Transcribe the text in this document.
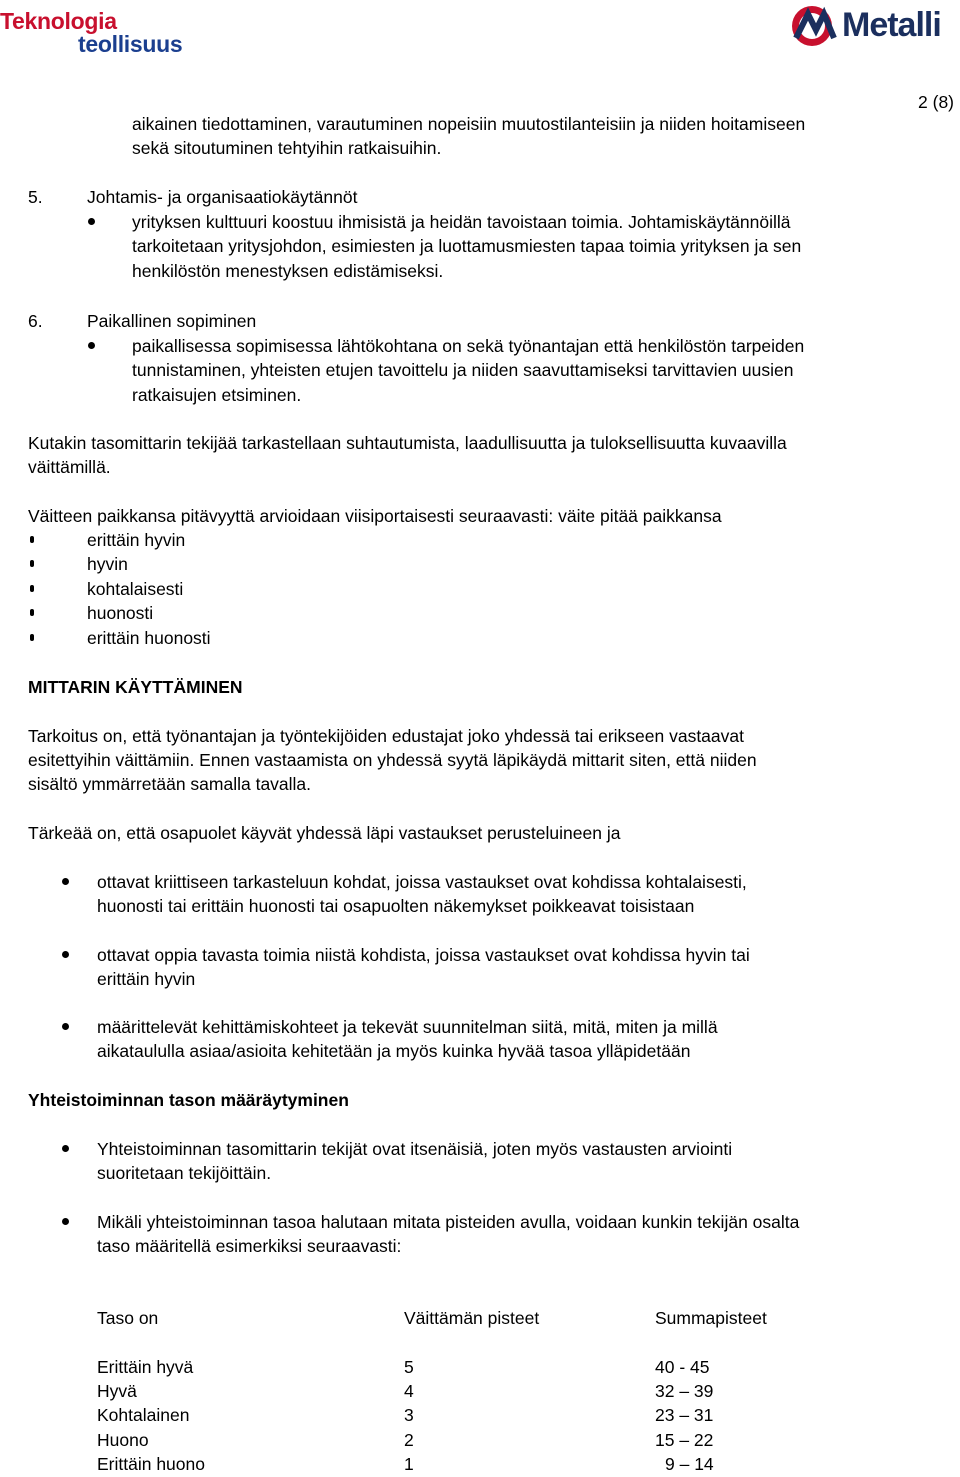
Teknologia
teollisuus	Metalli
2 (8)
aikainen tiedottaminen, varautuminen nopeisiin muutostilanteisiin ja niiden hoitamiseen
sekä sitoutuminen tehtyihin ratkaisuihin.
5.	Johtamis- ja organisaatiokäytännöt
yrityksen kulttuuri koostuu ihmisistä ja heidän tavoistaan toimia. Johtamiskäytännöillä
tarkoitetaan yritysjohdon, esimiesten ja luottamusmiesten tapaa toimia yrityksen ja sen
henkilöstön menestyksen edistämiseksi.
6.	Paikallinen sopiminen
paikallisessa sopimisessa lähtökohtana on sekä työnantajan että henkilöstön tarpeiden
tunnistaminen, yhteisten etujen tavoittelu ja niiden saavuttamiseksi tarvittavien uusien
ratkaisujen etsiminen.
Kutakin tasomittarin tekijää tarkastellaan suhtautumista, laadullisuutta ja tuloksellisuutta kuvaavilla
väittämillä.
Väitteen paikkansa pitävyyttä arvioidaan viisiportaisesti seuraavasti: väite pitää paikkansa
erittäin hyvin
hyvin
kohtalaisesti
huonosti
erittäin huonosti
MITTARIN KÄYTTÄMINEN
Tarkoitus on, että työnantajan ja työntekijöiden edustajat joko yhdessä tai erikseen vastaavat
esitettyihin väittämiin. Ennen vastaamista on yhdessä syytä läpikäydä mittarit siten, että niiden
sisältö ymmärretään samalla tavalla.
Tärkeää on, että osapuolet käyvät yhdessä läpi vastaukset perusteluineen ja
ottavat kriittiseen tarkasteluun kohdat, joissa vastaukset ovat kohdissa kohtalaisesti,
huonosti tai erittäin huonosti tai osapuolten näkemykset poikkeavat toisistaan
ottavat oppia tavasta toimia niistä kohdista, joissa vastaukset ovat kohdissa hyvin tai
erittäin hyvin
määrittelevät kehittämiskohteet ja tekevät suunnitelman siitä, mitä, miten ja millä
aikataululla asiaa/asioita kehitetään ja myös kuinka hyvää tasoa ylläpidetään
Yhteistoiminnan tason määräytyminen
Yhteistoiminnan tasomittarin tekijät ovat itsenäisiä, joten myös vastausten arviointi
suoritetaan tekijöittäin.
Mikäli yhteistoiminnan tasoa halutaan mitata pisteiden avulla, voidaan kunkin tekijän osalta
taso määritellä esimerkiksi seuraavasti:
Taso on	Väittämän pisteet	Summapisteet
Erittäin hyvä	5	40 - 45
Hyvä	4	32 – 39
Kohtalainen	3	23 – 31
Huono	2	15 – 22
Erittäin huono	1	9 – 14
